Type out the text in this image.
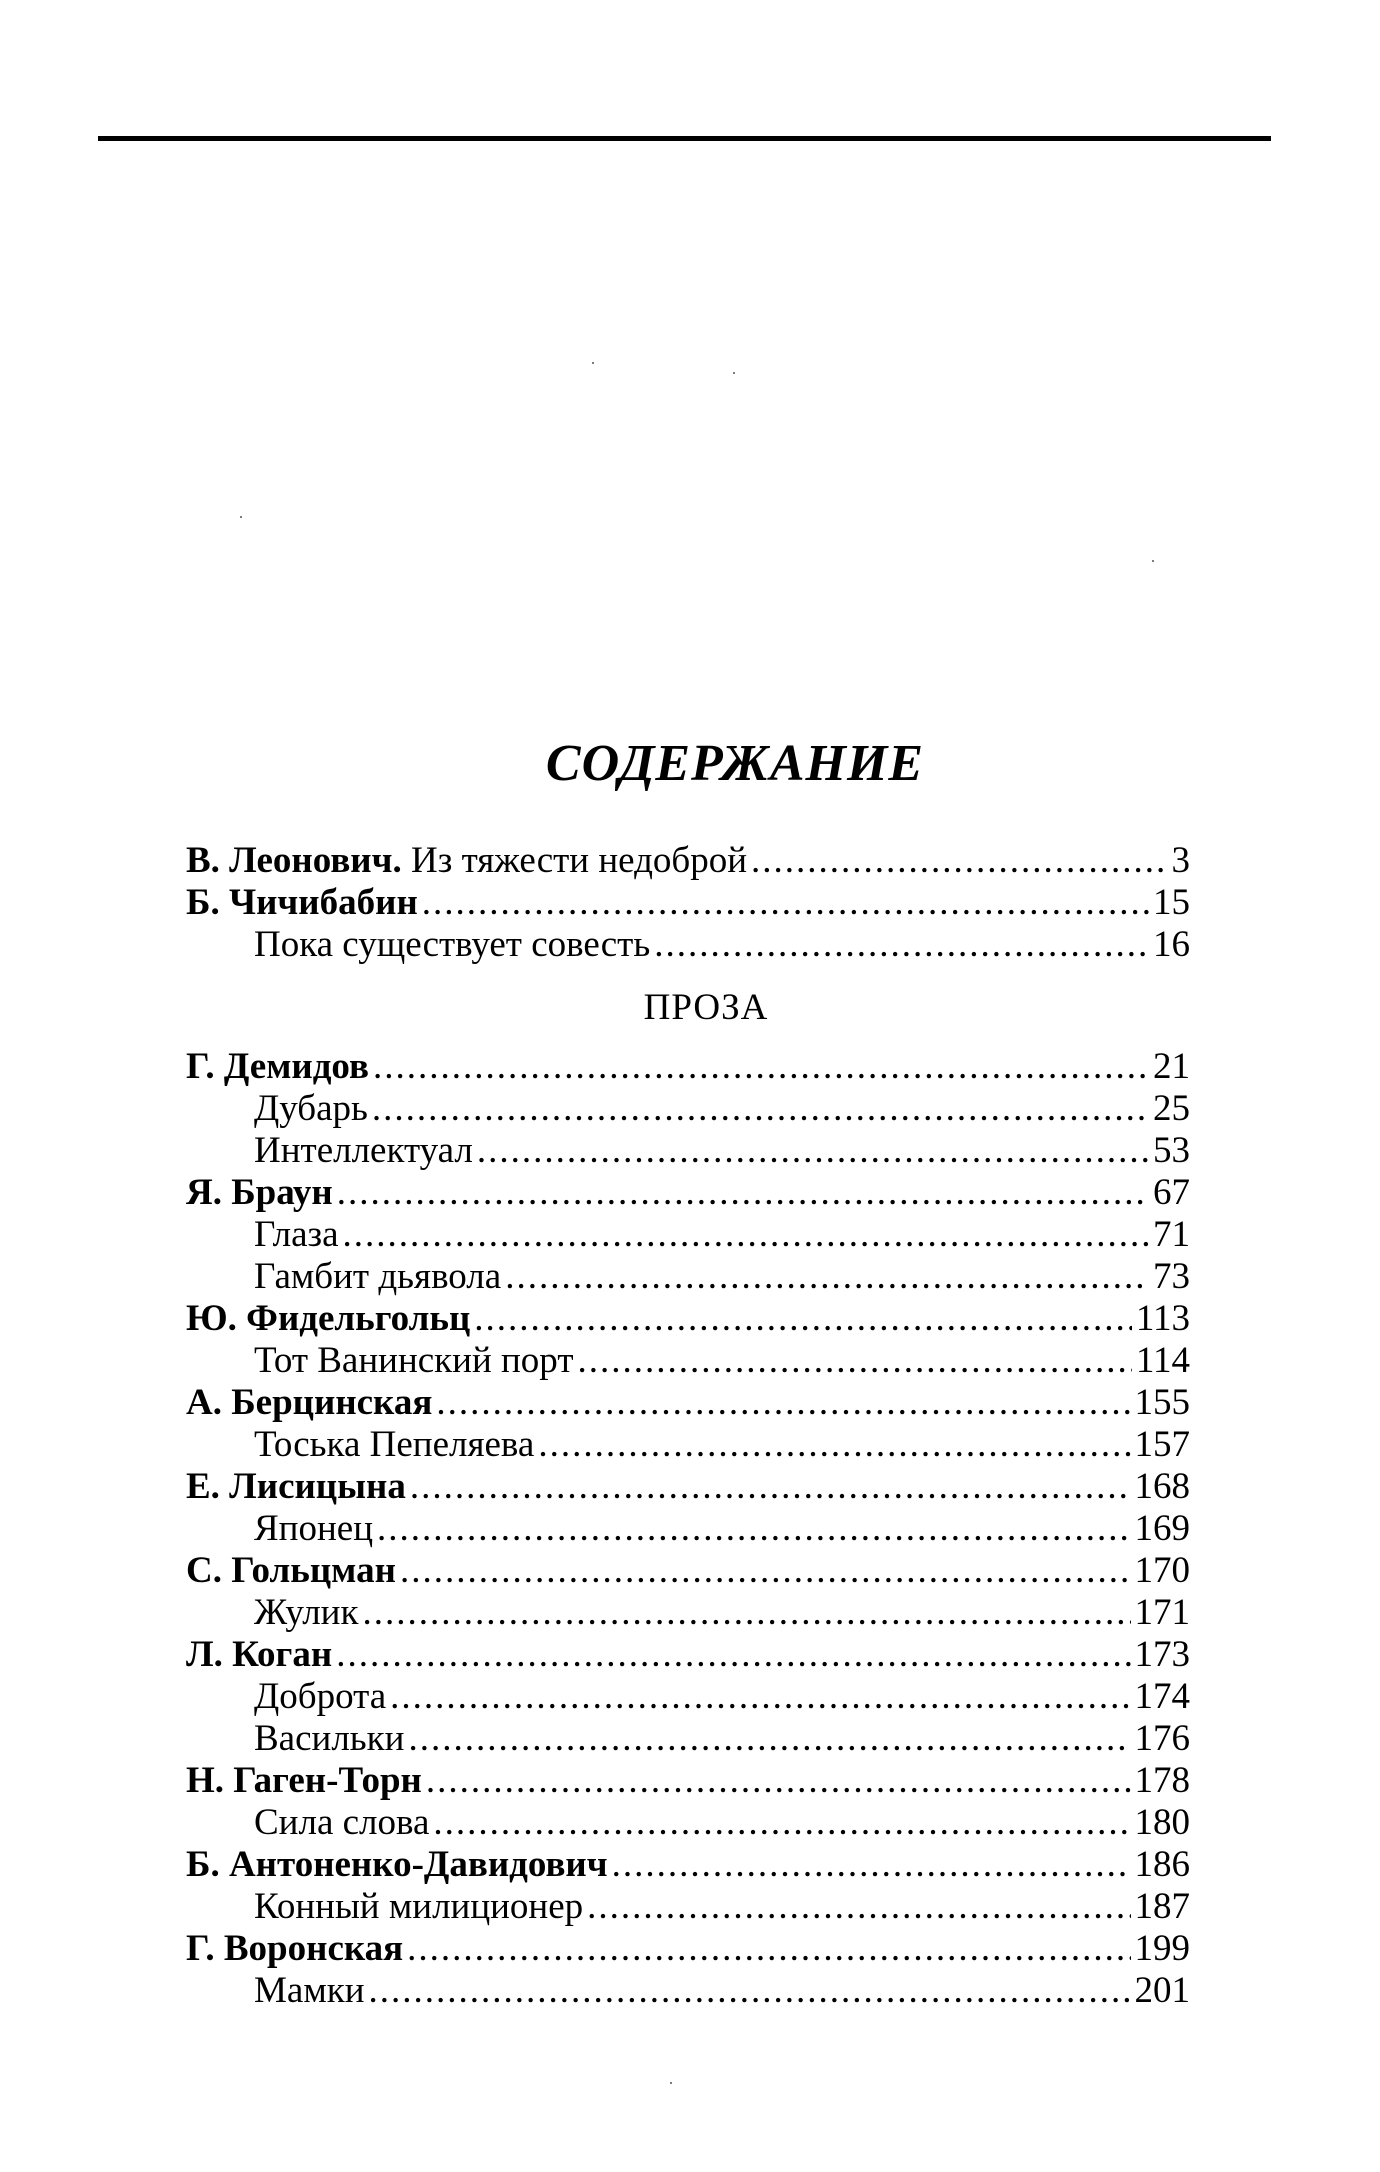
СОДЕРЖАНИЕ
В. Леонович. Из тяжести недоброй .....	3
Б. Чичибабин .....	15
Пока существует совесть .....	16
ПРОЗА
Г. Демидов .....	21
Дубарь .....	25
Интеллектуал .....	53
Я. Браун .....	67
Глаза .....	71
Гамбит дьявола .....	73
Ю. Фидельгольц .....	113
Тот Ванинский порт .....	114
А. Берцинская .....	155
Тоська Пепеляева .....	157
Е. Лисицына .....	168
Японец .....	169
С. Гольцман .....	170
Жулик .....	171
Л. Коган .....	173
Доброта .....	174
Васильки .....	176
Н. Гаген-Торн .....	178
Сила слова .....	180
Б. Антоненко-Давидович .....	186
Конный милиционер .....	187
Г. Воронская .....	199
Мамки .....	201
